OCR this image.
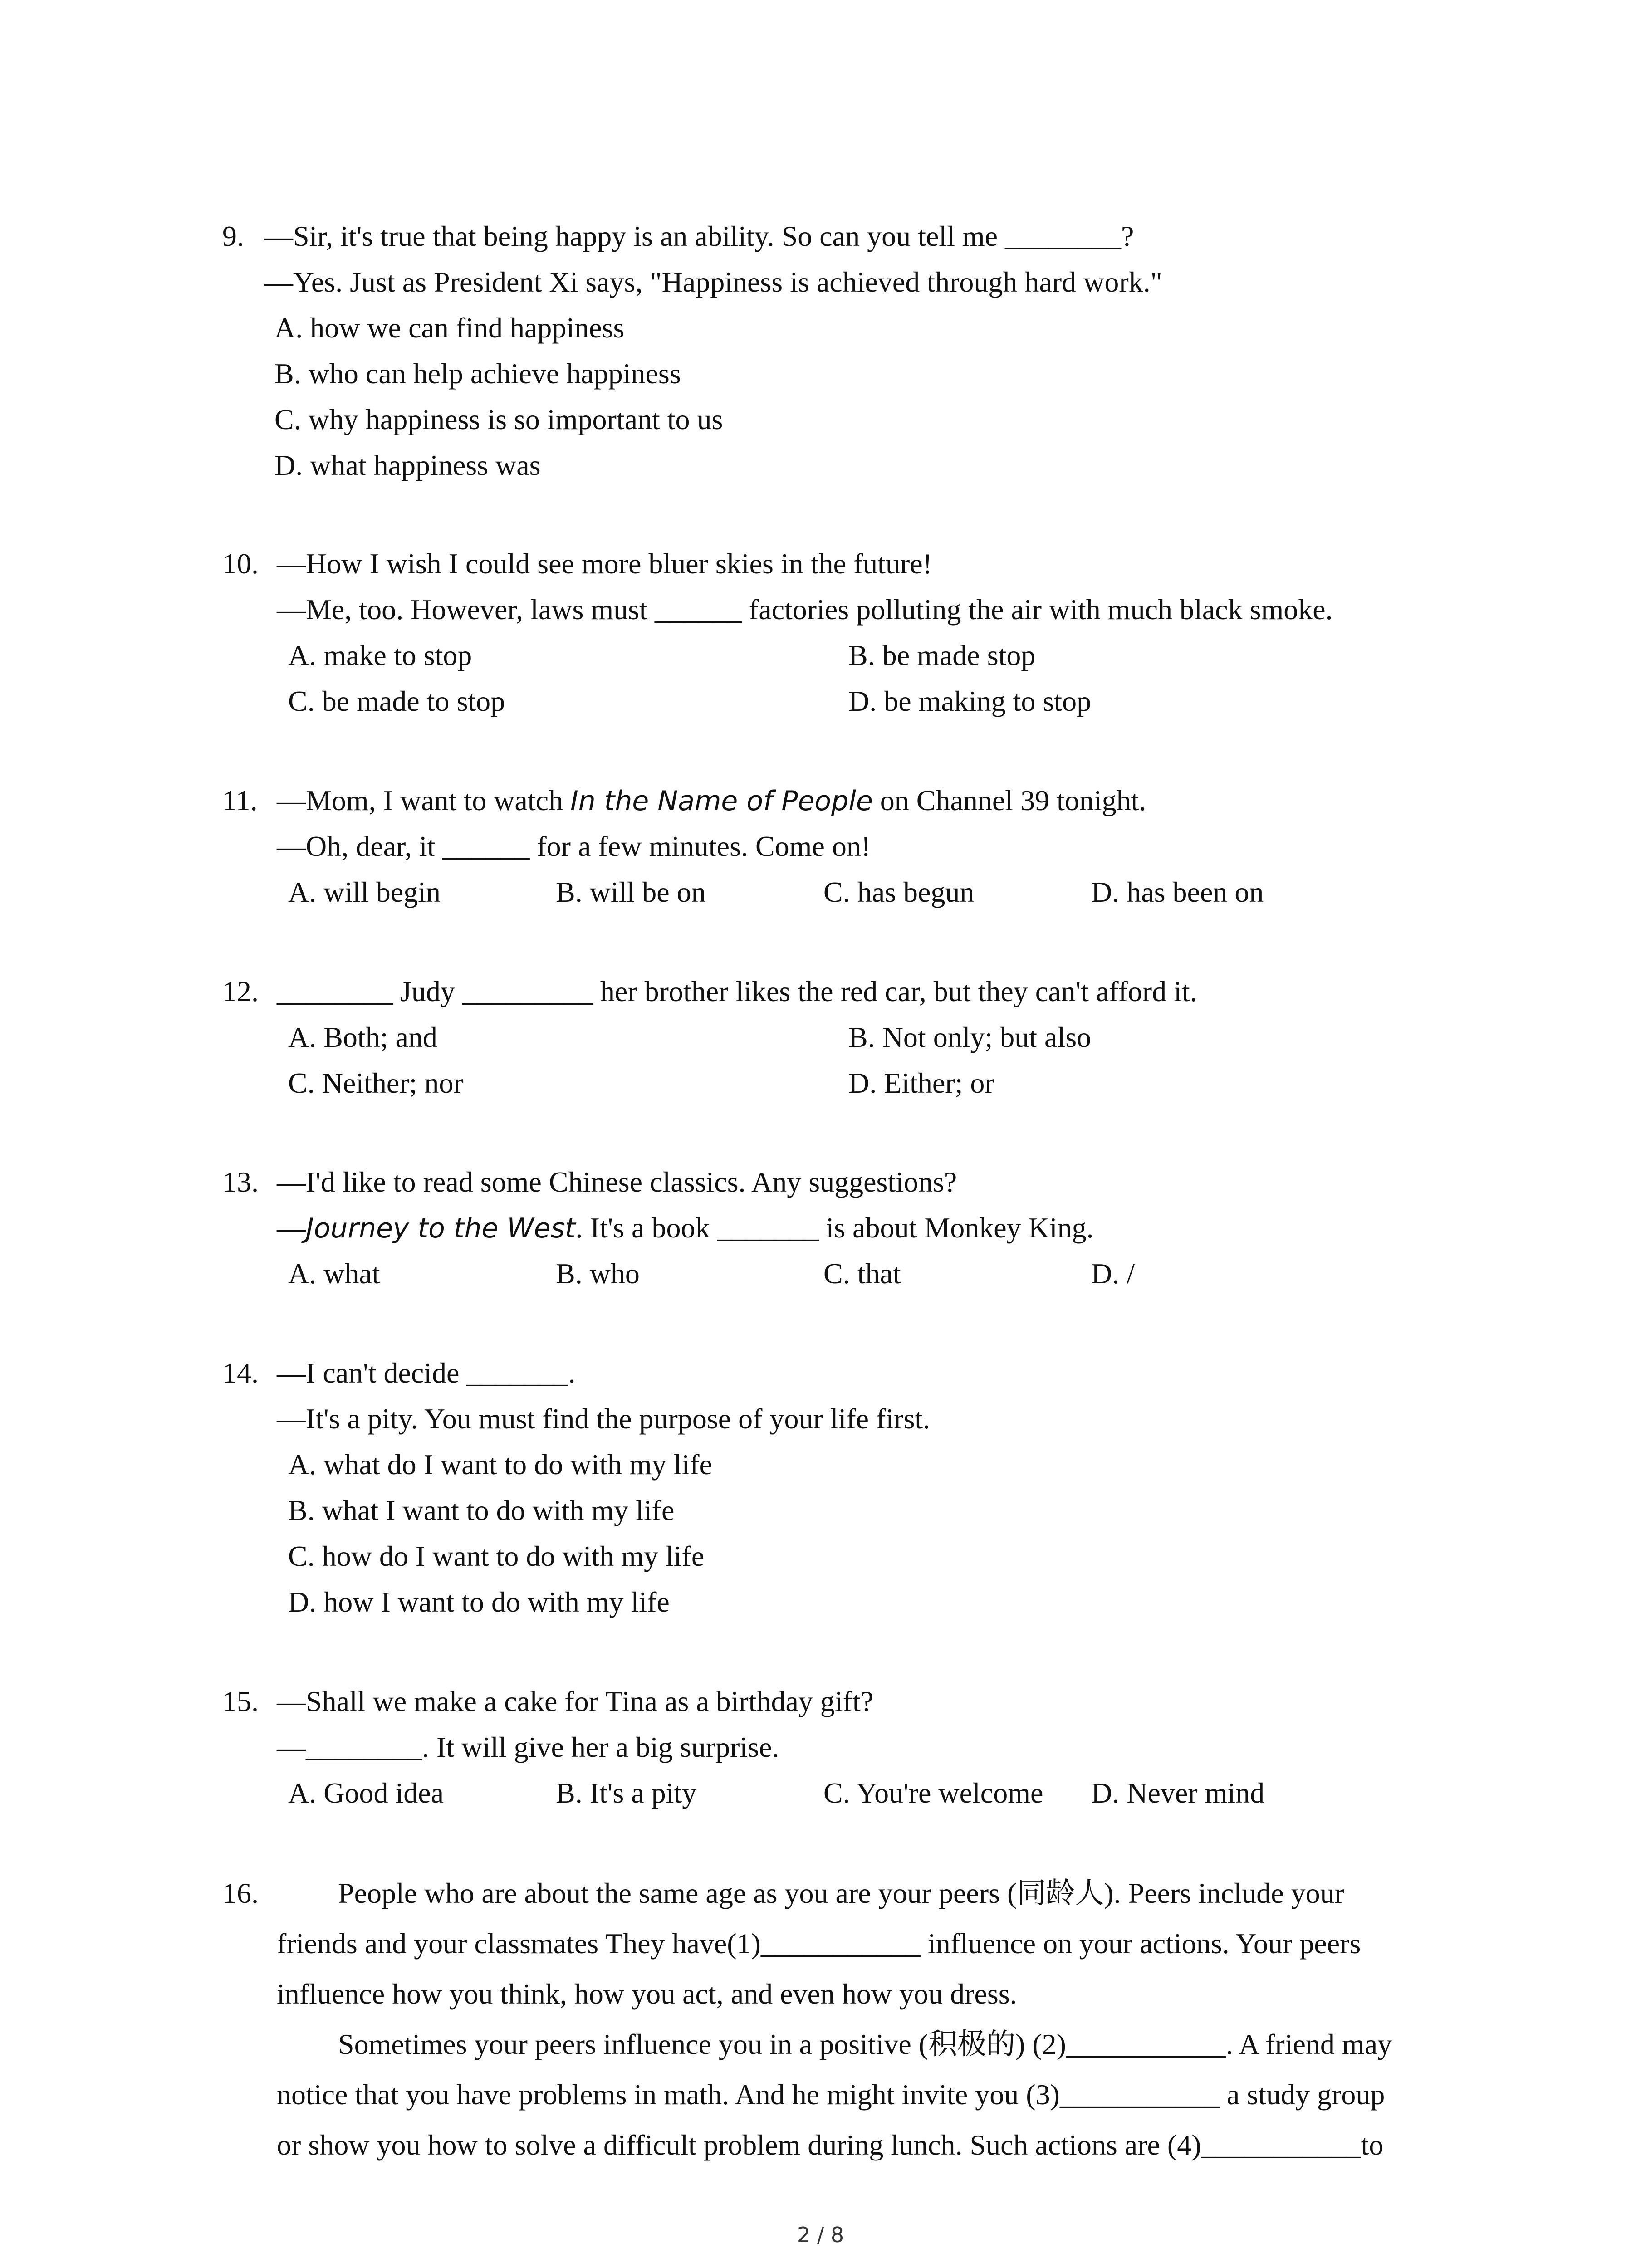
9. —Sir, it's true that being happy is an ability. So can you tell me ________?
—Yes. Just as President Xi says, "Happiness is achieved through hard work."
A. how we can find happiness
B. who can help achieve happiness
C. why happiness is so important to us
D. what happiness was
10. —How I wish I could see more bluer skies in the future!
—Me, too. However, laws must ______ factories polluting the air with much black smoke.
A. make to stop	B. be made stop
C. be made to stop	D. be making to stop
11. —Mom, I want to watch In the Name of People on Channel 39 tonight.
—Oh, dear, it ______ for a few minutes. Come on!
A. will begin	B. will be on	C. has begun	D. has been on
12. ________ Judy _________ her brother likes the red car, but they can't afford it.
A. Both; and	B. Not only; but also
C. Neither; nor	D. Either; or
13. —I'd like to read some Chinese classics. Any suggestions?
—Journey to the West. It's a book _______ is about Monkey King.
A. what	B. who	C. that	D. /
14. —I can't decide _______.
—It's a pity. You must find the purpose of your life first.
A. what do I want to do with my life
B. what I want to do with my life
C. how do I want to do with my life
D. how I want to do with my life
15. —Shall we make a cake for Tina as a birthday gift?
—________. It will give her a big surprise.
A. Good idea	B. It's a pity	C. You're welcome D. Never mind
16.	People who are about the same age as you are your peers (同龄人). Peers include your
friends and your classmates They have(1)___________ influence on your actions. Your peers
influence how you think, how you act, and even how you dress.
Sometimes your peers influence you in a positive (积极的) (2)___________. A friend may
notice that you have problems in math. And he might invite you (3)___________ a study group
or show you how to solve a difficult problem during lunch. Such actions are (4)___________to
2 / 8
